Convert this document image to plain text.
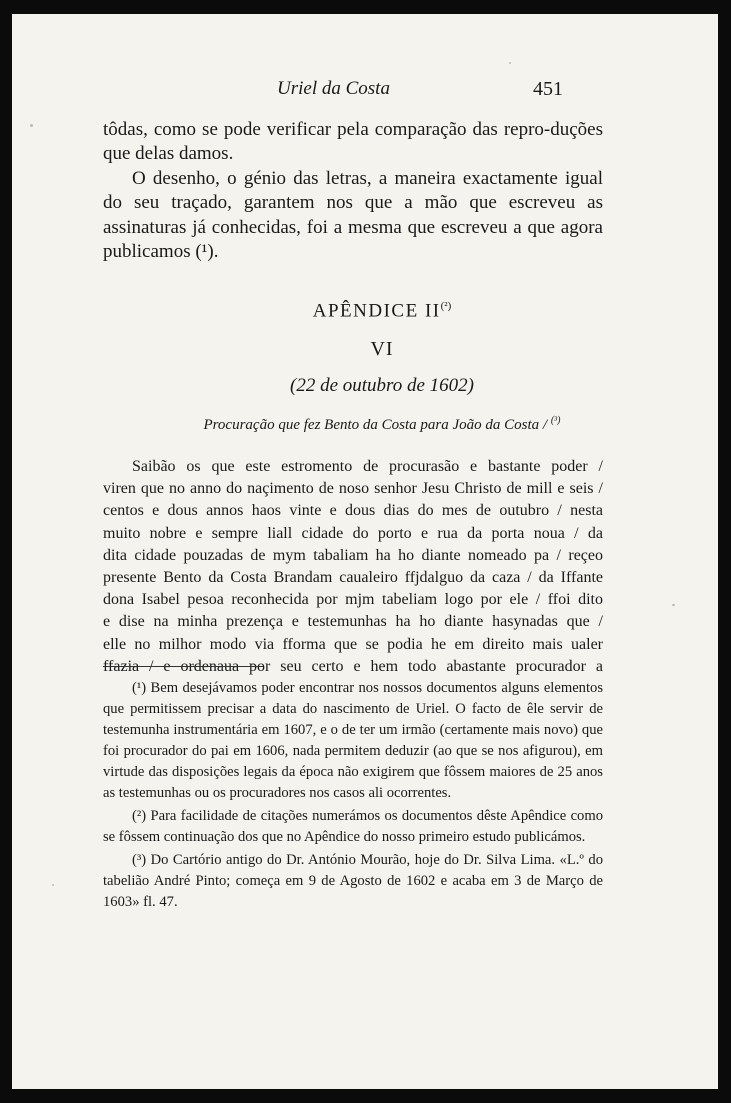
Uriel da Costa	451

tôdas, como se pode verificar pela comparação das repro-duções que delas damos.

O desenho, o génio das letras, a maneira exactamente igual do seu traçado, garantem nos que a mão que escreveu as assinaturas já conhecidas, foi a mesma que escreveu a que agora publicamos (¹).

APÊNDICE $II^{(^2)}$
VI
(22 de outubro de 1602)
Procuração que fez Bento da Costa para João da Costa / $^{(^3)}$
Saibão os que este estromento de procurasão e bastante poder /
viren que no anno do naçimento de noso senhor Jesu Christo de mill e seis /
centos e dous annos haos vinte e dous dias do mes de outubro / nesta
muito nobre e sempre liall cidade do porto e rua da porta noua / da
dita cidade pouzadas de mym tabaliam ha ho diante nomeado pa / reçeo
presente Bento da Costa Brandam caualeiro ffjdalguo da caza / da Iffante
dona Isabel pesoa reconhecida por mjm tabeliam logo por ele / ffoi dito
e dise na minha prezença e testemunhas ha ho diante hasynadas que /
elle no milhor modo via fforma que se podia he em direito mais ualer
ffazia / e ordenaua por seu certo e hem todo abastante procurador a

(¹) Bem desejávamos poder encontrar nos nossos documentos alguns elementos que permitissem precisar a data do nascimento de Uriel. O facto de êle servir de testemunha instrumentária em 1607, e o de ter um irmão (certamente mais novo) que foi procurador do pai em 1606, nada permitem deduzir (ao que se nos afigurou), em virtude das disposições legais da época não exigirem que fôssem maiores de 25 anos as testemunhas ou os procuradores nos casos ali ocorrentes.

(²) Para facilidade de citações numerámos os documentos dêste Apêndice como se fôssem continuação dos que no Apêndice do nosso primeiro estudo publicámos.

(³) Do Cartório antigo do Dr. António Mourão, hoje do Dr. Silva Lima. «L.º do tabelião André Pinto; começa em 9 de Agosto de 1602 e acaba em 3 de Março de 1603» fl. 47.
